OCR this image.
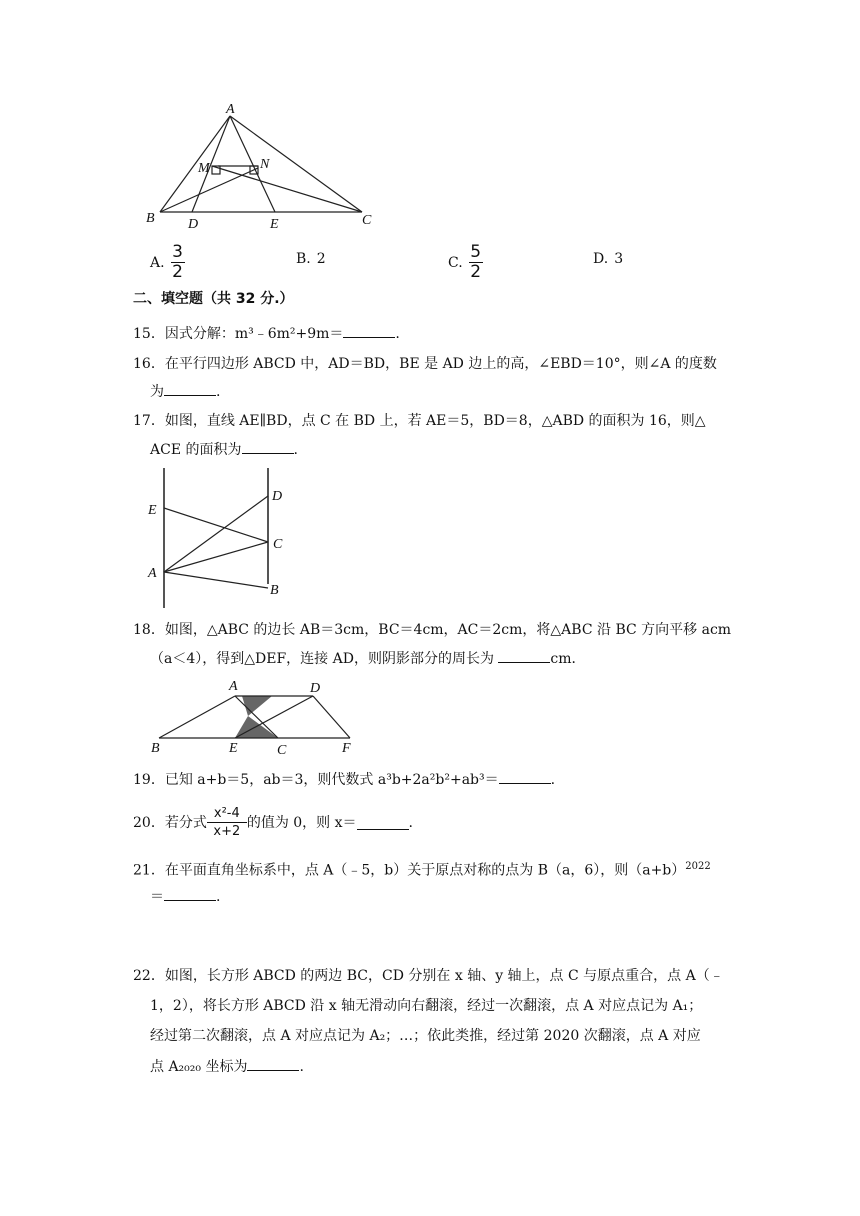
A
M	N
B D	E	C
A. $\frac{3}{2}$	B. 2	C. $\frac{5}{2}$	D. 3
二、填空题（共 32 分.）
15．因式分解：m³﹣6m²+9m＝	.
16．在平行四边形 ABCD 中，AD＝BD，BE 是 AD 边上的高，∠EBD＝10°，则∠A 的度数
为	.
17．如图，直线 AE∥BD，点 C 在 BD 上，若 AE＝5，BD＝8，△ABD 的面积为 16，则△
ACE 的面积为	.
E
D
C
A
B
18．如图，△ABC 的边长 AB＝3cm，BC＝4cm，AC＝2cm，将△ABC 沿 BC 方向平移 acm
（a＜4），得到△DEF，连接 AD，则阴影部分的周长为	cm．
A	D
B	E	C	F
19．已知 a+b＝5，ab＝3，则代数式 a³b+2a²b²+ab³＝	.
20．若分式 $\frac{\text{x²-4}}{x+2}$ 的值为 0，则 x＝	.
21．在平面直角坐标系中，点 A（﹣5，b）关于原点对称的点为 B（a，6），则$(a+b)^{2022}$
＝	.
22．如图，长方形 ABCD 的两边 BC，CD 分别在 x 轴、y 轴上，点 C 与原点重合，点 A（﹣
1，2），将长方形 ABCD 沿 x 轴无滑动向右翻滚，经过一次翻滚，点 A 对应点记为 A₁；
经过第二次翻滚，点 A 对应点记为 A₂；…；依此类推，经过第 2020 次翻滚，点 A 对应
点 A₂₀₂₀ 坐标为	.
